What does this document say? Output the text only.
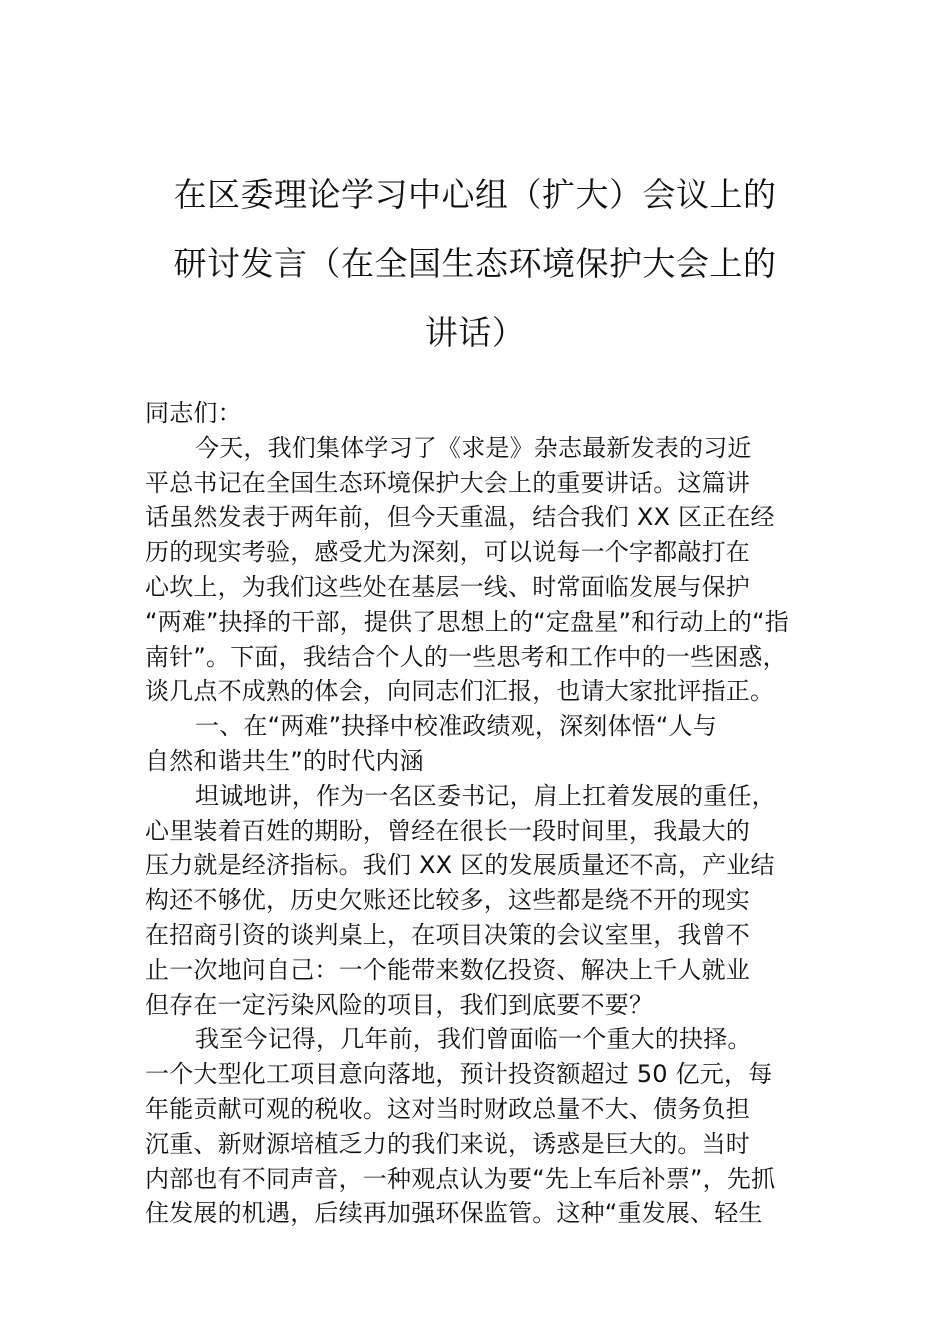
在区委理论学习中心组（扩大）会议上的
研讨发言（在全国生态环境保护大会上的
讲话）

同志们：

今天，我们集体学习了《求是》杂志最新发表的习近
平总书记在全国生态环境保护大会上的重要讲话。这篇讲
话虽然发表于两年前，但今天重温，结合我们 XX 区正在经
历的现实考验，感受尤为深刻，可以说每一个字都敲打在
心坎上，为我们这些处在基层一线、时常面临发展与保护
“两难”抉择的干部，提供了思想上的“定盘星”和行动上的“指
南针”。下面，我结合个人的一些思考和工作中的一些困惑，
谈几点不成熟的体会，向同志们汇报，也请大家批评指正。
一、在“两难”抉择中校准政绩观，深刻体悟“人与
自然和谐共生”的时代内涵
坦诚地讲，作为一名区委书记，肩上扛着发展的重任，
心里装着百姓的期盼，曾经在很长一段时间里，我最大的
压力就是经济指标。我们 XX 区的发展质量还不高，产业结
构还不够优，历史欠账还比较多，这些都是绕不开的现实
在招商引资的谈判桌上，在项目决策的会议室里，我曾不
止一次地问自己：一个能带来数亿投资、解决上千人就业
但存在一定污染风险的项目，我们到底要不要？
我至今记得，几年前，我们曾面临一个重大的抉择。
一个大型化工项目意向落地，预计投资额超过 50 亿元，每
年能贡献可观的税收。这对当时财政总量不大、债务负担
沉重、新财源培植乏力的我们来说，诱惑是巨大的。当时
内部也有不同声音，一种观点认为要“先上车后补票”，先抓
住发展的机遇，后续再加强环保监管。这种“重发展、轻生
